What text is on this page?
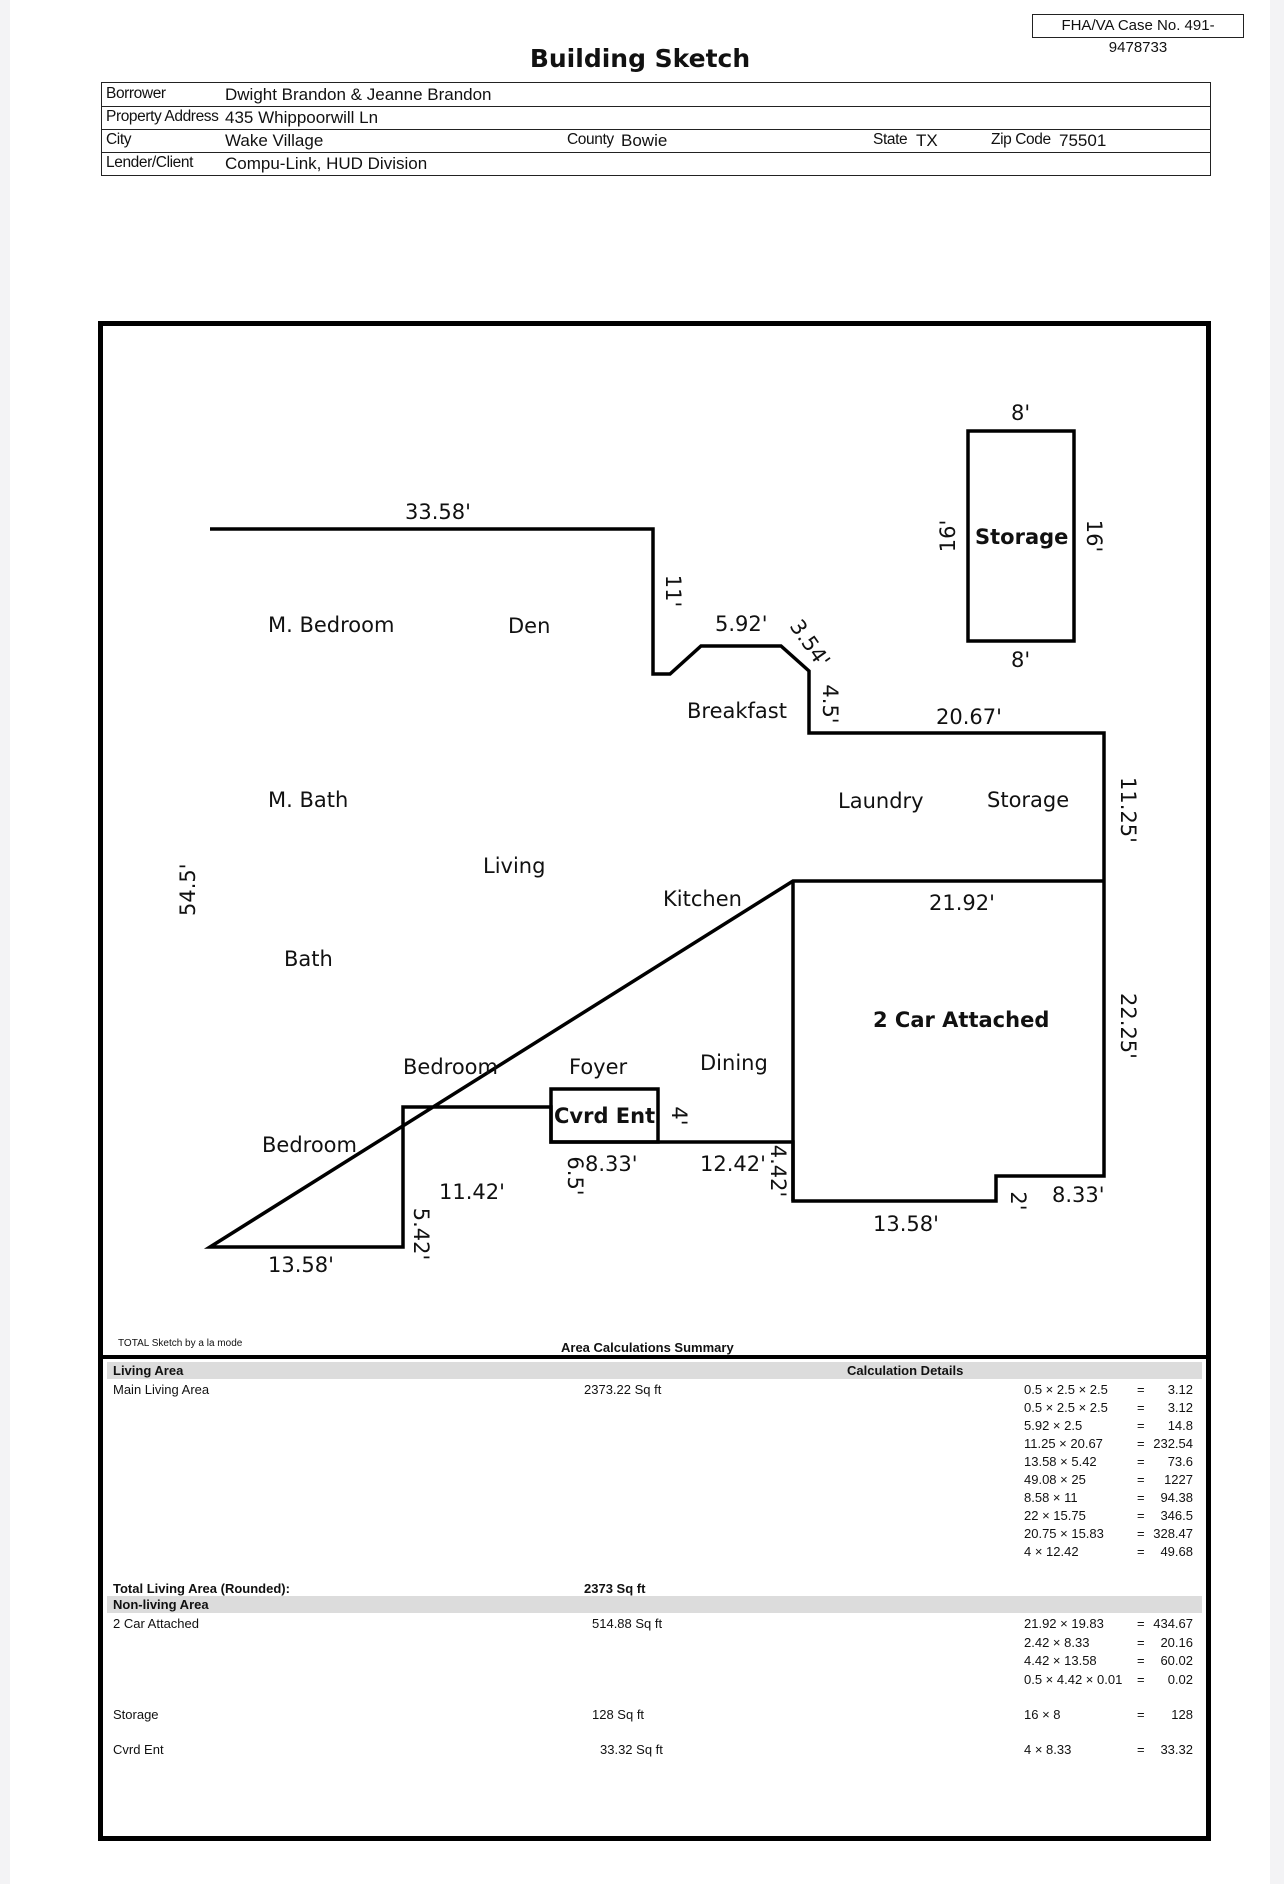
FHA/VA Case No. 491-9478733
Building Sketch
Borrower	Dwight Brandon & Jeanne Brandon
Property Address 435 Whippoorwill Ln
City	Wake Village	County Bowie	State TX	Zip Code 75501
Lender/Client Compu-Link, HUD Division
M. Bedroom	Den
Breakfast
M. Bath	Laundry	Storage
Living
Kitchen
Bath
Bedroom	Foyer	Dining
Bedroom
Storage
2 Car Attached
Cvrd Ent
33.58'
54.5'
11'
5.92' 3.54'
4.5'	20.67'
11.25'
21.92'
22.25'
8.33'
2'
13.58'
4.42'
12.42'
8.33'
6.5'
4'
11.42'
5.42'
13.58'
8'
8'
16'	16'
TOTAL Sketch by a la mode	Area Calculations Summary
Living Area	Calculation Details
Main Living Area	2373.22 Sq ft	0.5 × 2.5 × 2.5 =	3.12
0.5 × 2.5 × 2.5 =	3.12
5.92 × 2.5	=	14.8
11.25 × 20.67	= 232.54
13.58 × 5.42	=	73.6
49.08 × 25	=	1227
8.58 × 11	=	94.38
22 × 15.75	=	346.5
20.75 × 15.83	= 328.47
4 × 12.42	=	49.68
Total Living Area (Rounded):	2373 Sq ft
Non-living Area
2 Car Attached	514.88 Sq ft	21.92 × 19.83	= 434.67
2.42 × 8.33	=	20.16
4.42 × 13.58	=	60.02
0.5 × 4.42 × 0.01 =	0.02
Storage	128 Sq ft	16 × 8	=	128
Cvrd Ent	33.32 Sq ft	4 × 8.33	=	33.32
